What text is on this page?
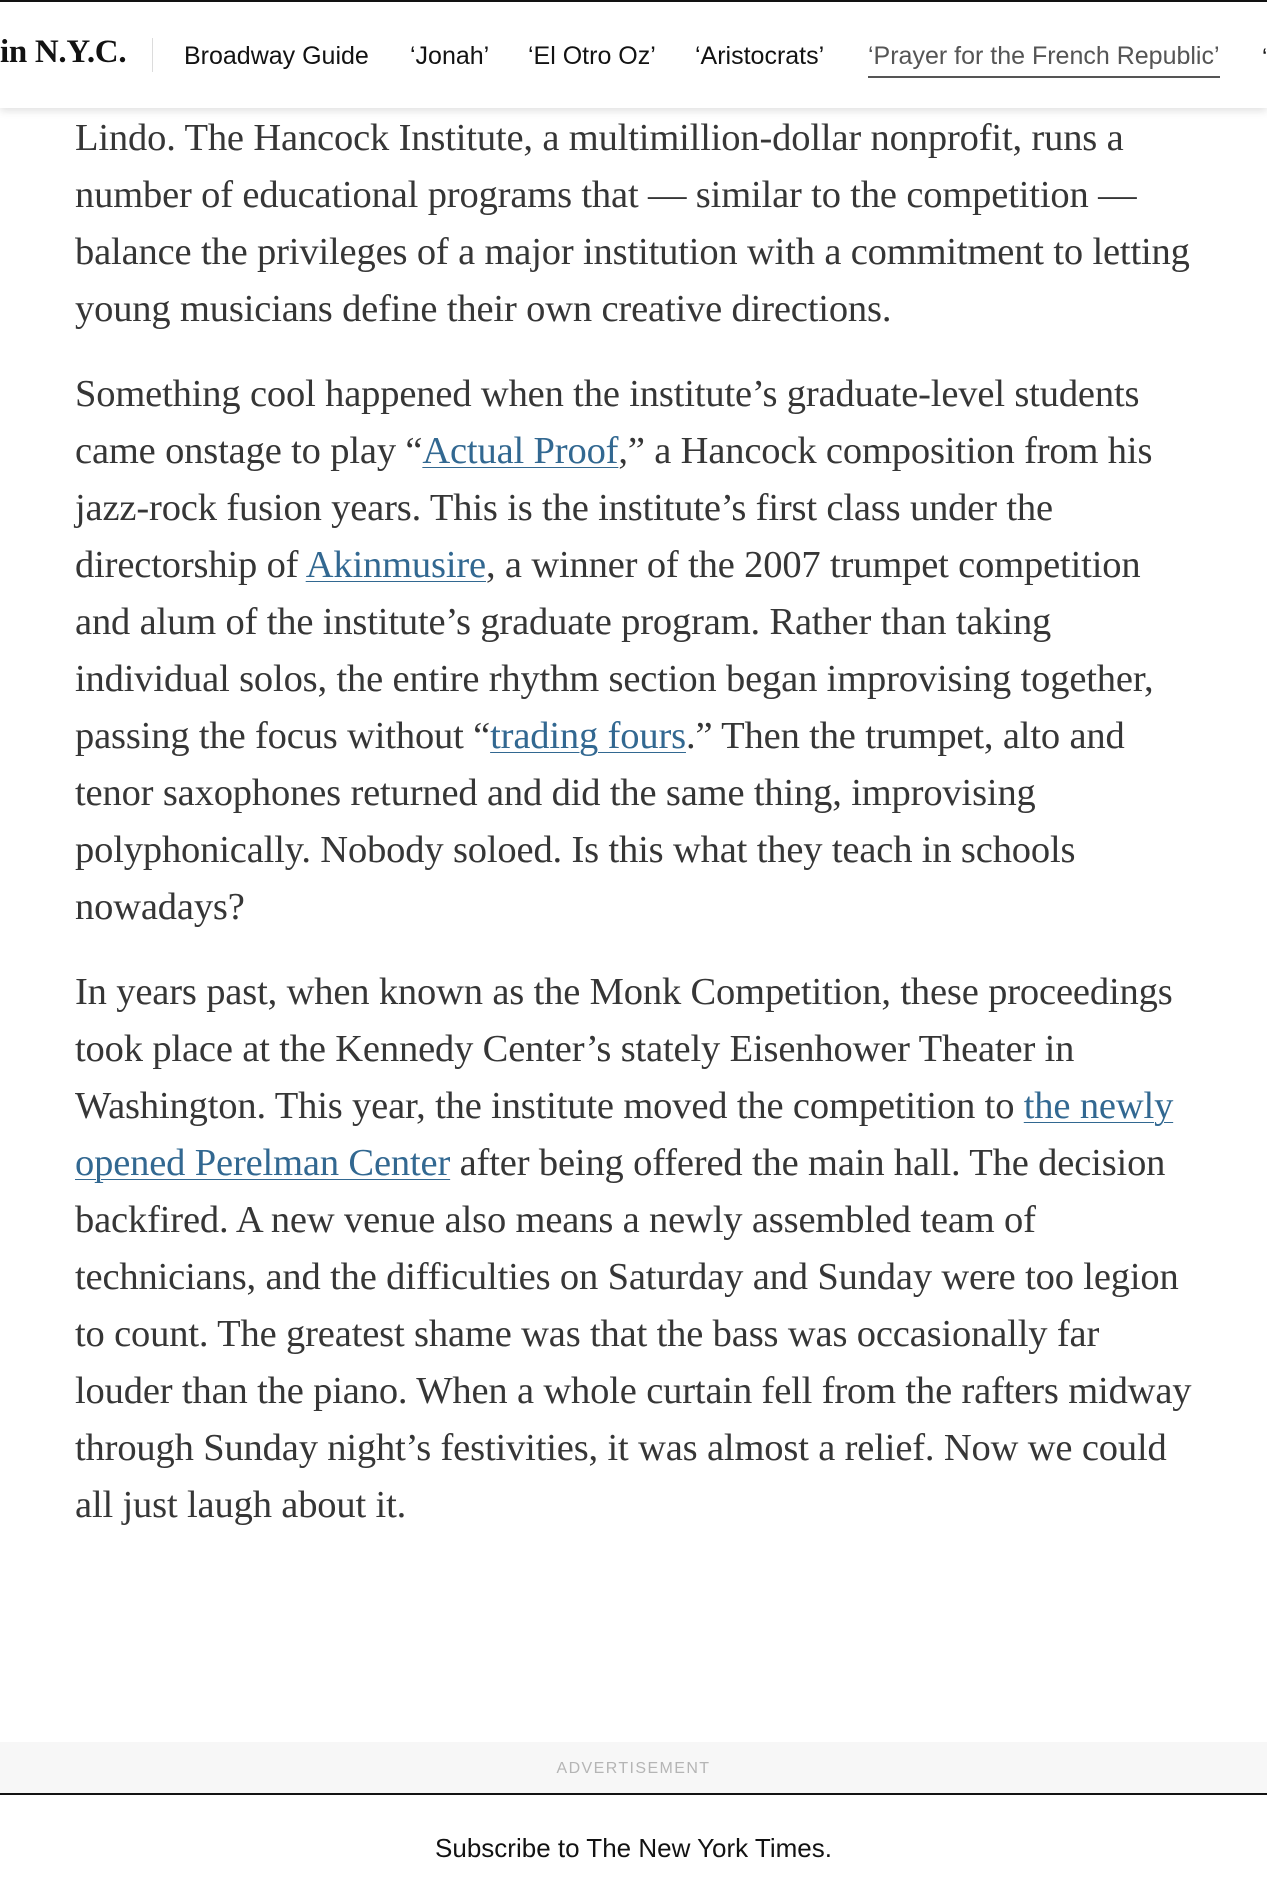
in N.Y.C. Broadway Guide ‘Jonah’ ‘El Otro Oz’ ‘Aristocrats’ ‘Prayer for the French Republic’ ‘

Lindo. The Hancock Institute, a multimillion-dollar nonprofit, runs a number of educational programs that — similar to the competition — balance the privileges of a major institution with a commitment to letting young musicians define their own creative directions.

Something cool happened when the institute’s graduate-level students came onstage to play “Actual Proof,” a Hancock composition from his jazz-rock fusion years. This is the institute’s first class under the directorship of Akinmusire, a winner of the 2007 trumpet competition and alum of the institute’s graduate program. Rather than taking individual solos, the entire rhythm section began improvising together, passing the focus without “trading fours.” Then the trumpet, alto and tenor saxophones returned and did the same thing, improvising polyphonically. Nobody soloed. Is this what they teach in schools nowadays?

In years past, when known as the Monk Competition, these proceedings took place at the Kennedy Center’s stately Eisenhower Theater in Washington. This year, the institute moved the competition to the newly opened Perelman Center after being offered the main hall. The decision backfired. A new venue also means a newly assembled team of technicians, and the difficulties on Saturday and Sunday were too legion to count. The greatest shame was that the bass was occasionally far louder than the piano. When a whole curtain fell from the rafters midway through Sunday night’s festivities, it was almost a relief. Now we could all just laugh about it.

ADVERTISEMENT
Subscribe to The New York Times.
